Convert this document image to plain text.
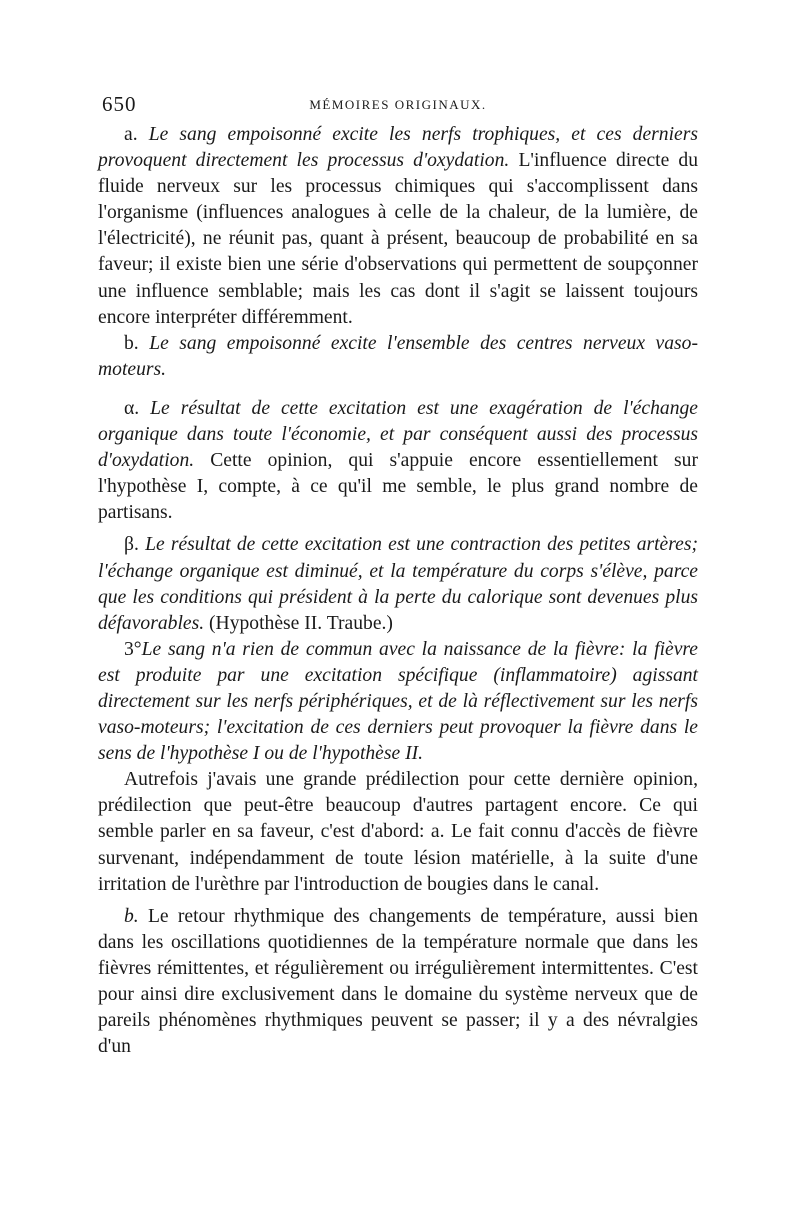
650	MÉMOIRES ORIGINAUX.

a. Le sang empoisonné excite les nerfs trophiques, et ces derniers provoquent directement les processus d'oxydation. L'influence directe du fluide nerveux sur les processus chimiques qui s'accomplissent dans l'organisme (influences analogues à celle de la chaleur, de la lumière, de l'électricité), ne réunit pas, quant à présent, beaucoup de probabilité en sa faveur; il existe bien une série d'observations qui permettent de soupçonner une influence semblable; mais les cas dont il s'agit se laissent toujours encore interpréter différemment.

b. Le sang empoisonné excite l'ensemble des centres nerveux vaso-moteurs.

α. Le résultat de cette excitation est une exagération de l'échange organique dans toute l'économie, et par conséquent aussi des processus d'oxydation. Cette opinion, qui s'appuie encore essentiellement sur l'hypothèse I, compte, à ce qu'il me semble, le plus grand nombre de partisans.

β. Le résultat de cette excitation est une contraction des petites artères; l'échange organique est diminué, et la température du corps s'élève, parce que les conditions qui président à la perte du calorique sont devenues plus défavorables. (Hypothèse II. Traube.)

3°Le sang n'a rien de commun avec la naissance de la fièvre: la fièvre est produite par une excitation spécifique (inflammatoire) agissant directement sur les nerfs périphériques, et de là réflectivement sur les nerfs vaso-moteurs; l'excitation de ces derniers peut provoquer la fièvre dans le sens de l'hypothèse I ou de l'hypothèse II.

Autrefois j'avais une grande prédilection pour cette dernière opinion, prédilection que peut-être beaucoup d'autres partagent encore. Ce qui semble parler en sa faveur, c'est d'abord: a. Le fait connu d'accès de fièvre survenant, indépendamment de toute lésion matérielle, à la suite d'une irritation de l'urèthre par l'introduction de bougies dans le canal.

b. Le retour rhythmique des changements de température, aussi bien dans les oscillations quotidiennes de la température normale que dans les fièvres rémittentes, et régulièrement ou irrégulièrement intermittentes. C'est pour ainsi dire exclusivement dans le domaine du système nerveux que de pareils phénomènes rhythmiques peuvent se passer; il y a des névralgies d'un
